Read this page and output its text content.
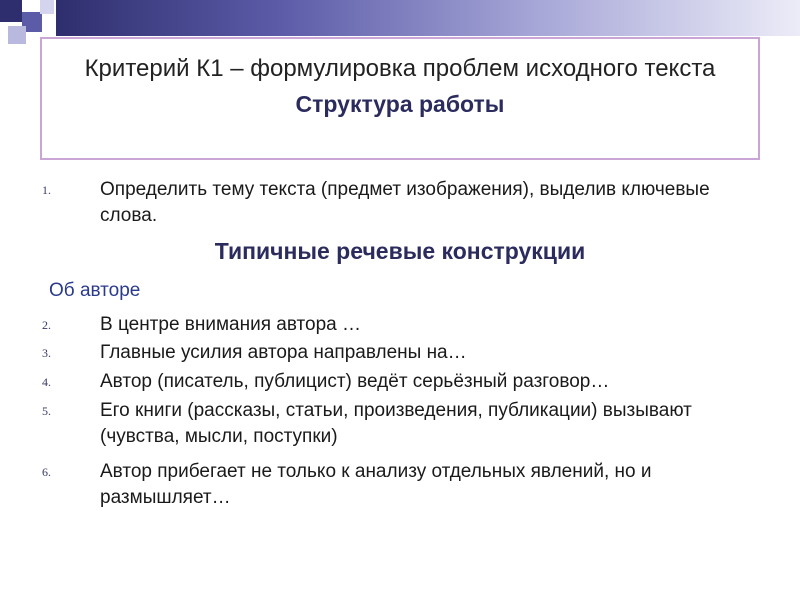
Критерий К1 – формулировка проблем исходного текста
Структура работы
1.	Определить тему текста (предмет изображения), выделив ключевые слова.
Типичные речевые конструкции
Об авторе
2.	В центре внимания автора …
3.	Главные усилия автора направлены на…
4.	Автор (писатель, публицист) ведёт серьёзный разговор…
5.	Его книги (рассказы, статьи, произведения, публикации) вызывают (чувства, мысли, поступки)
6.	Автор прибегает не только к анализу отдельных явлений, но и размышляет…
